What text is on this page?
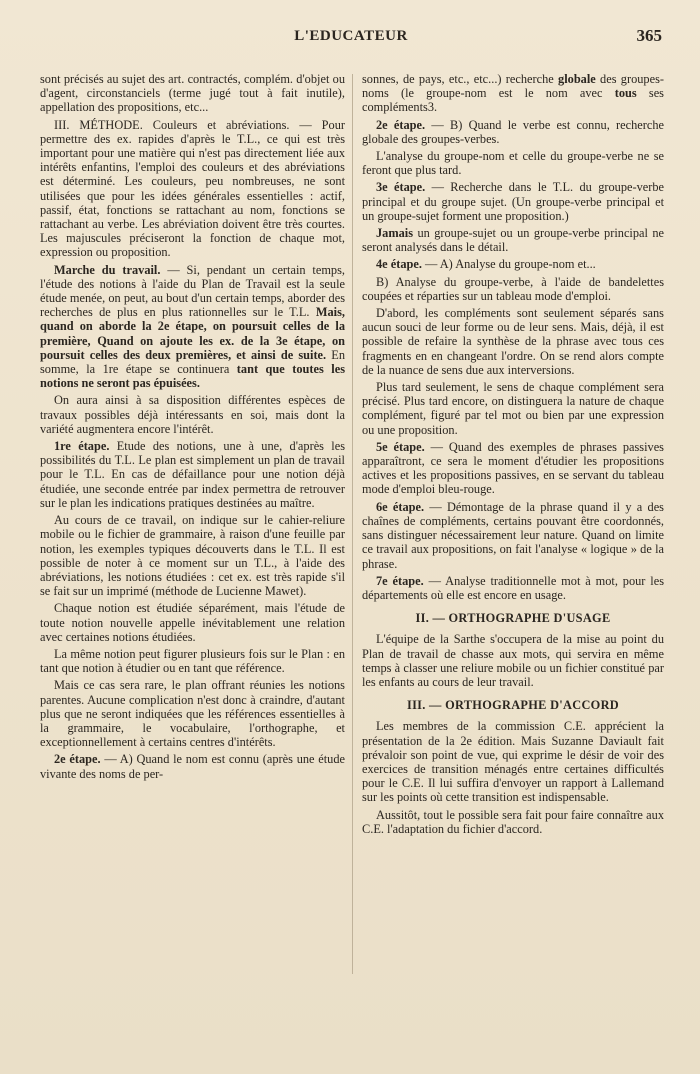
L'EDUCATEUR	365

sont précisés au sujet des art. contractés, complém. d'objet ou d'agent, circonstanciels (terme jugé tout à fait inutile), appellation des propositions, etc...

III. MÉTHODE. Couleurs et abréviations. — Pour permettre des ex. rapides d'après le T.L., ce qui est très important pour une matière qui n'est pas directement liée aux intérêts enfantins, l'emploi des couleurs et des abréviations est déterminé. Les couleurs, peu nombreuses, ne sont utilisées que pour les idées générales essentielles : actif, passif, état, fonctions se rattachant au nom, fonctions se rattachant au verbe. Les abréviation doivent être très courtes. Les majuscules préciseront la fonction de chaque mot, expression ou proposition.

Marche du travail. — Si, pendant un certain temps, l'étude des notions à l'aide du Plan de Travail est la seule étude menée, on peut, au bout d'un certain temps, aborder des recherches de plus en plus rationnelles sur le T.L. Mais, quand on aborde la 2e étape, on poursuit celles de la première, Quand on ajoute les ex. de la 3e étape, on poursuit celles des deux premières, et ainsi de suite. En somme, la 1re étape se continuera tant que toutes les notions ne seront pas épuisées.

On aura ainsi à sa disposition différentes espèces de travaux possibles déjà intéressants en soi, mais dont la variété augmentera encore l'intérêt.

1re étape. Etude des notions, une à une, d'après les possibilités du T.L. Le plan est simplement un plan de travail pour le T.L. En cas de défaillance pour une notion déjà étudiée, une seconde entrée par index permettra de retrouver sur le plan les indications pratiques destinées au maître.

Au cours de ce travail, on indique sur le cahier-reliure mobile ou le fichier de grammaire, à raison d'une feuille par notion, les exemples typiques découverts dans le T.L. Il est possible de noter à ce moment sur un T.L., à l'aide des abréviations, les notions étudiées : cet ex. est très rapide s'il se fait sur un imprimé (méthode de Lucienne Mawet).

Chaque notion est étudiée séparément, mais l'étude de toute notion nouvelle appelle inévitablement une relation avec certaines notions étudiées.

La même notion peut figurer plusieurs fois sur le Plan : en tant que notion à étudier ou en tant que référence.

Mais ce cas sera rare, le plan offrant réunies les notions parentes. Aucune complication n'est donc à craindre, d'autant plus que ne seront indiquées que les références essentielles à la grammaire, le vocabulaire, l'orthographe, et exceptionnellement à certains centres d'intérêts.

2e étape. — A) Quand le nom est connu (après une étude vivante des noms de per-

sonnes, de pays, etc., etc...) recherche globale des groupes-noms (le groupe-nom est le nom avec tous ses compléments3.

2e étape. — B) Quand le verbe est connu, recherche globale des groupes-verbes.

L'analyse du groupe-nom et celle du groupe-verbe ne se feront que plus tard.

3e étape. — Recherche dans le T.L. du groupe-verbe principal et du groupe sujet. (Un groupe-verbe principal et un groupe-sujet forment une proposition.)

Jamais un groupe-sujet ou un groupe-verbe principal ne seront analysés dans le détail.

4e étape. — A) Analyse du groupe-nom et...

B) Analyse du groupe-verbe, à l'aide de bandelettes coupées et réparties sur un tableau mode d'emploi.

D'abord, les compléments sont seulement séparés sans aucun souci de leur forme ou de leur sens. Mais, déjà, il est possible de refaire la synthèse de la phrase avec tous ces fragments en en changeant l'ordre. On se rend alors compte de la nuance de sens due aux interversions.

Plus tard seulement, le sens de chaque complément sera précisé. Plus tard encore, on distinguera la nature de chaque complément, figuré par tel mot ou bien par une expression ou une proposition.

5e étape. — Quand des exemples de phrases passives apparaîtront, ce sera le moment d'étudier les propositions actives et les propositions passives, en se servant du tableau mode d'emploi bleu-rouge.

6e étape. — Démontage de la phrase quand il y a des chaînes de compléments, certains pouvant être coordonnés, sans distinguer nécessairement leur nature. Quand on limite ce travail aux propositions, on fait l'analyse « logique » de la phrase.

7e étape. — Analyse traditionnelle mot à mot, pour les départements où elle est encore en usage.

II. — ORTHOGRAPHE D'USAGE

L'équipe de la Sarthe s'occupera de la mise au point du Plan de travail de chasse aux mots, qui servira en même temps à classer une reliure mobile ou un fichier constitué par les enfants au cours de leur travail.

III. — ORTHOGRAPHE D'ACCORD

Les membres de la commission C.E. apprécient la présentation de la 2e édition. Mais Suzanne Daviault fait prévaloir son point de vue, qui exprime le désir de voir des exercices de transition ménagés entre certaines difficultés pour le C.E. Il lui suffira d'envoyer un rapport à Lallemand sur les points où cette transition est indispensable.

Aussitôt, tout le possible sera fait pour faire connaître aux C.E. l'adaptation du fichier d'accord.
